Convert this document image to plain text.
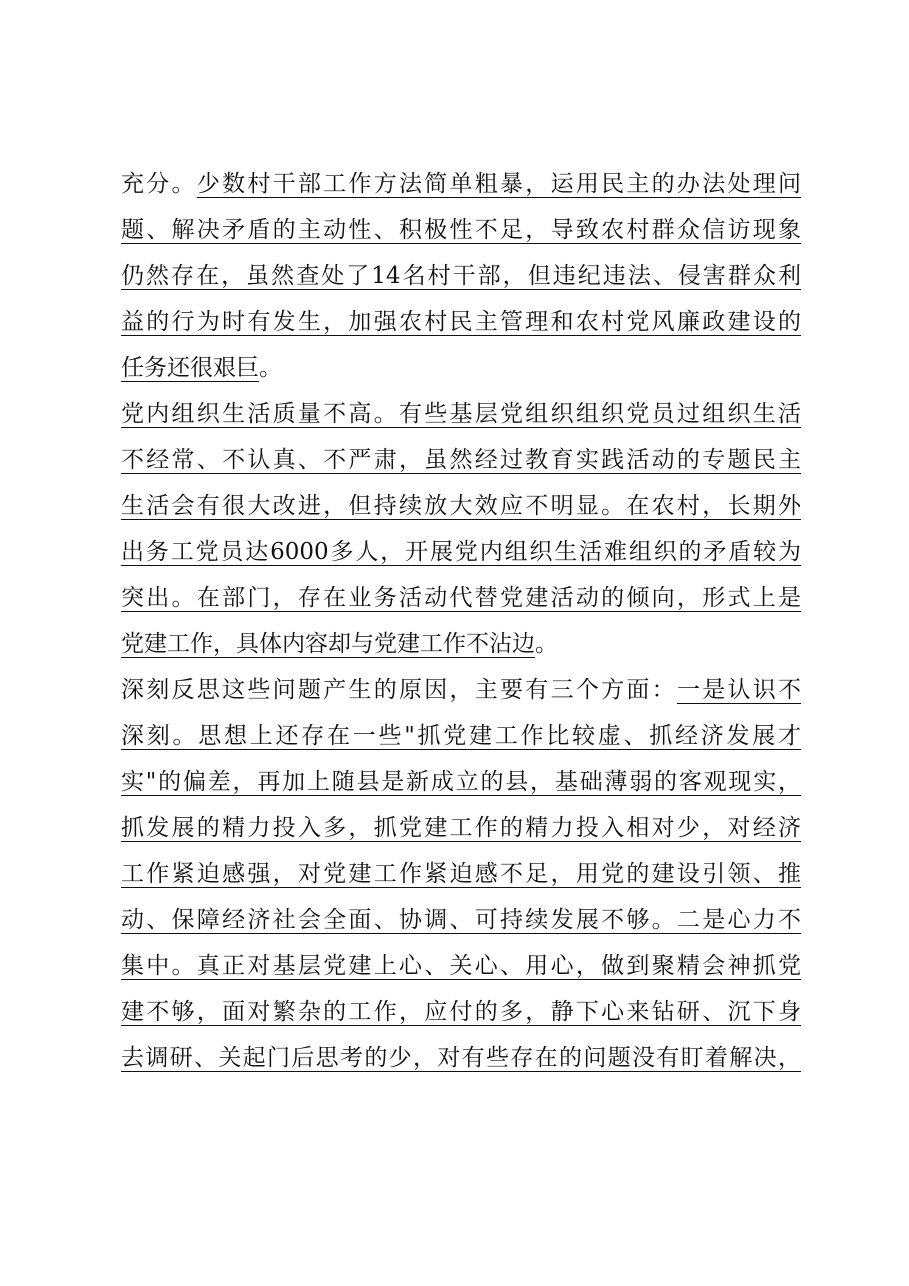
充分。少数村干部工作方法简单粗暴，运用民主的办法处理问
题、解决矛盾的主动性、积极性不足，导致农村群众信访现象
仍然存在，虽然查处了14名村干部，但违纪违法、侵害群众利
益的行为时有发生，加强农村民主管理和农村党风廉政建设的
任务还很艰巨。
党内组织生活质量不高。有些基层党组织组织党员过组织生活
不经常、不认真、不严肃，虽然经过教育实践活动的专题民主
生活会有很大改进，但持续放大效应不明显。在农村，长期外
出务工党员达6000多人，开展党内组织生活难组织的矛盾较为
突出。在部门，存在业务活动代替党建活动的倾向，形式上是
党建工作，具体内容却与党建工作不沾边。
深刻反思这些问题产生的原因，主要有三个方面：一是认识不
深刻。思想上还存在一些"抓党建工作比较虚、抓经济发展才
实"的偏差，再加上随县是新成立的县，基础薄弱的客观现实，
抓发展的精力投入多，抓党建工作的精力投入相对少，对经济
工作紧迫感强，对党建工作紧迫感不足，用党的建设引领、推
动、保障经济社会全面、协调、可持续发展不够。二是心力不
集中。真正对基层党建上心、关心、用心，做到聚精会神抓党
建不够，面对繁杂的工作，应付的多，静下心来钻研、沉下身
去调研、关起门后思考的少，对有些存在的问题没有盯着解决，
